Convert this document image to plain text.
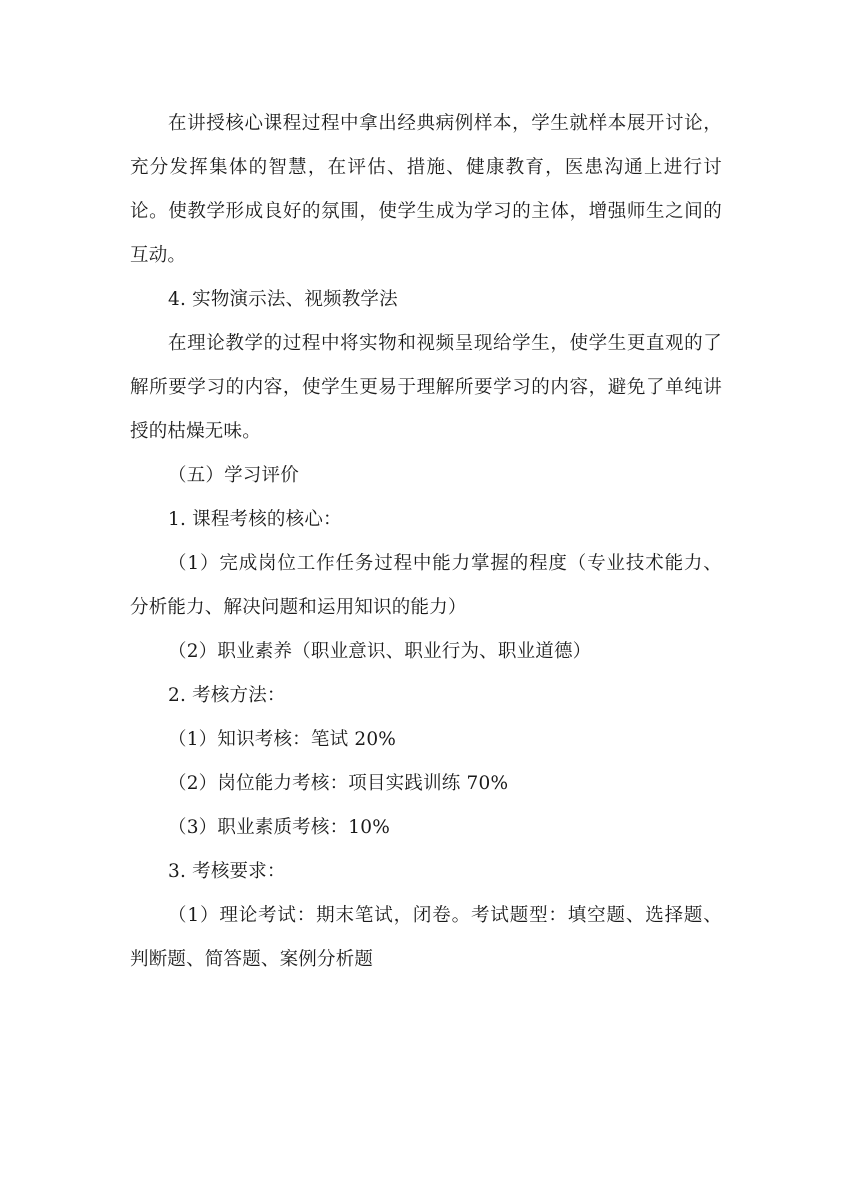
在讲授核心课程过程中拿出经典病例样本，学生就样本展开讨论，充分发挥集体的智慧，在评估、措施、健康教育，医患沟通上进行讨论。使教学形成良好的氛围，使学生成为学习的主体，增强师生之间的互动。

4. 实物演示法、视频教学法

在理论教学的过程中将实物和视频呈现给学生，使学生更直观的了解所要学习的内容，使学生更易于理解所要学习的内容，避免了单纯讲授的枯燥无味。

（五）学习评价

1. 课程考核的核心：

（1）完成岗位工作任务过程中能力掌握的程度（专业技术能力、分析能力、解决问题和运用知识的能力）

（2）职业素养（职业意识、职业行为、职业道德）

2. 考核方法：

（1）知识考核：笔试 20%

（2）岗位能力考核：项目实践训练 70%

（3）职业素质考核：10%

3. 考核要求：

（1）理论考试：期末笔试，闭卷。考试题型：填空题、选择题、判断题、简答题、案例分析题
